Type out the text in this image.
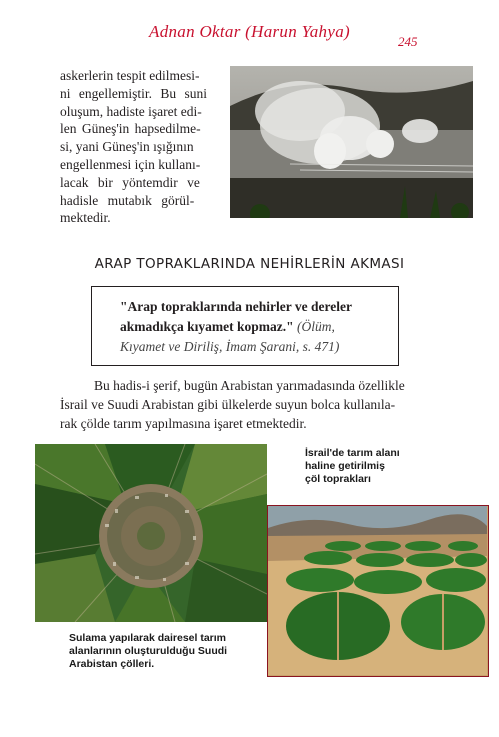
Adnan Oktar (Harun Yahya)
245
askerlerin tespit edilmesi-
ni engellemiştir. Bu suni
oluşum, hadiste işaret edi-
len Güneş'in hapsedilme-
si, yani Güneş'in ışığının
engellenmesi için kullanı-
lacak bir yöntemdir ve
hadisle mutabık görül-
mektedir.
ARAP TOPRAKLARINDA NEHİRLERİN AKMASI
"Arap topraklarında nehirler ve dereler
akmadıkça kıyamet kopmaz." (Ölüm,
Kıyamet ve Diriliş, İmam Şarani, s. 471)
Bu hadis-i şerif, bugün Arabistan yarımadasında özellikle
İsrail ve Suudi Arabistan gibi ülkelerde suyun bolca kullanıla-
rak çölde tarım yapılmasına işaret etmektedir.
İsrail'de tarım alanı
haline getirilmiş
çöl toprakları
Sulama yapılarak dairesel tarım
alanlarının oluşturulduğu Suudi
Arabistan çölleri.
